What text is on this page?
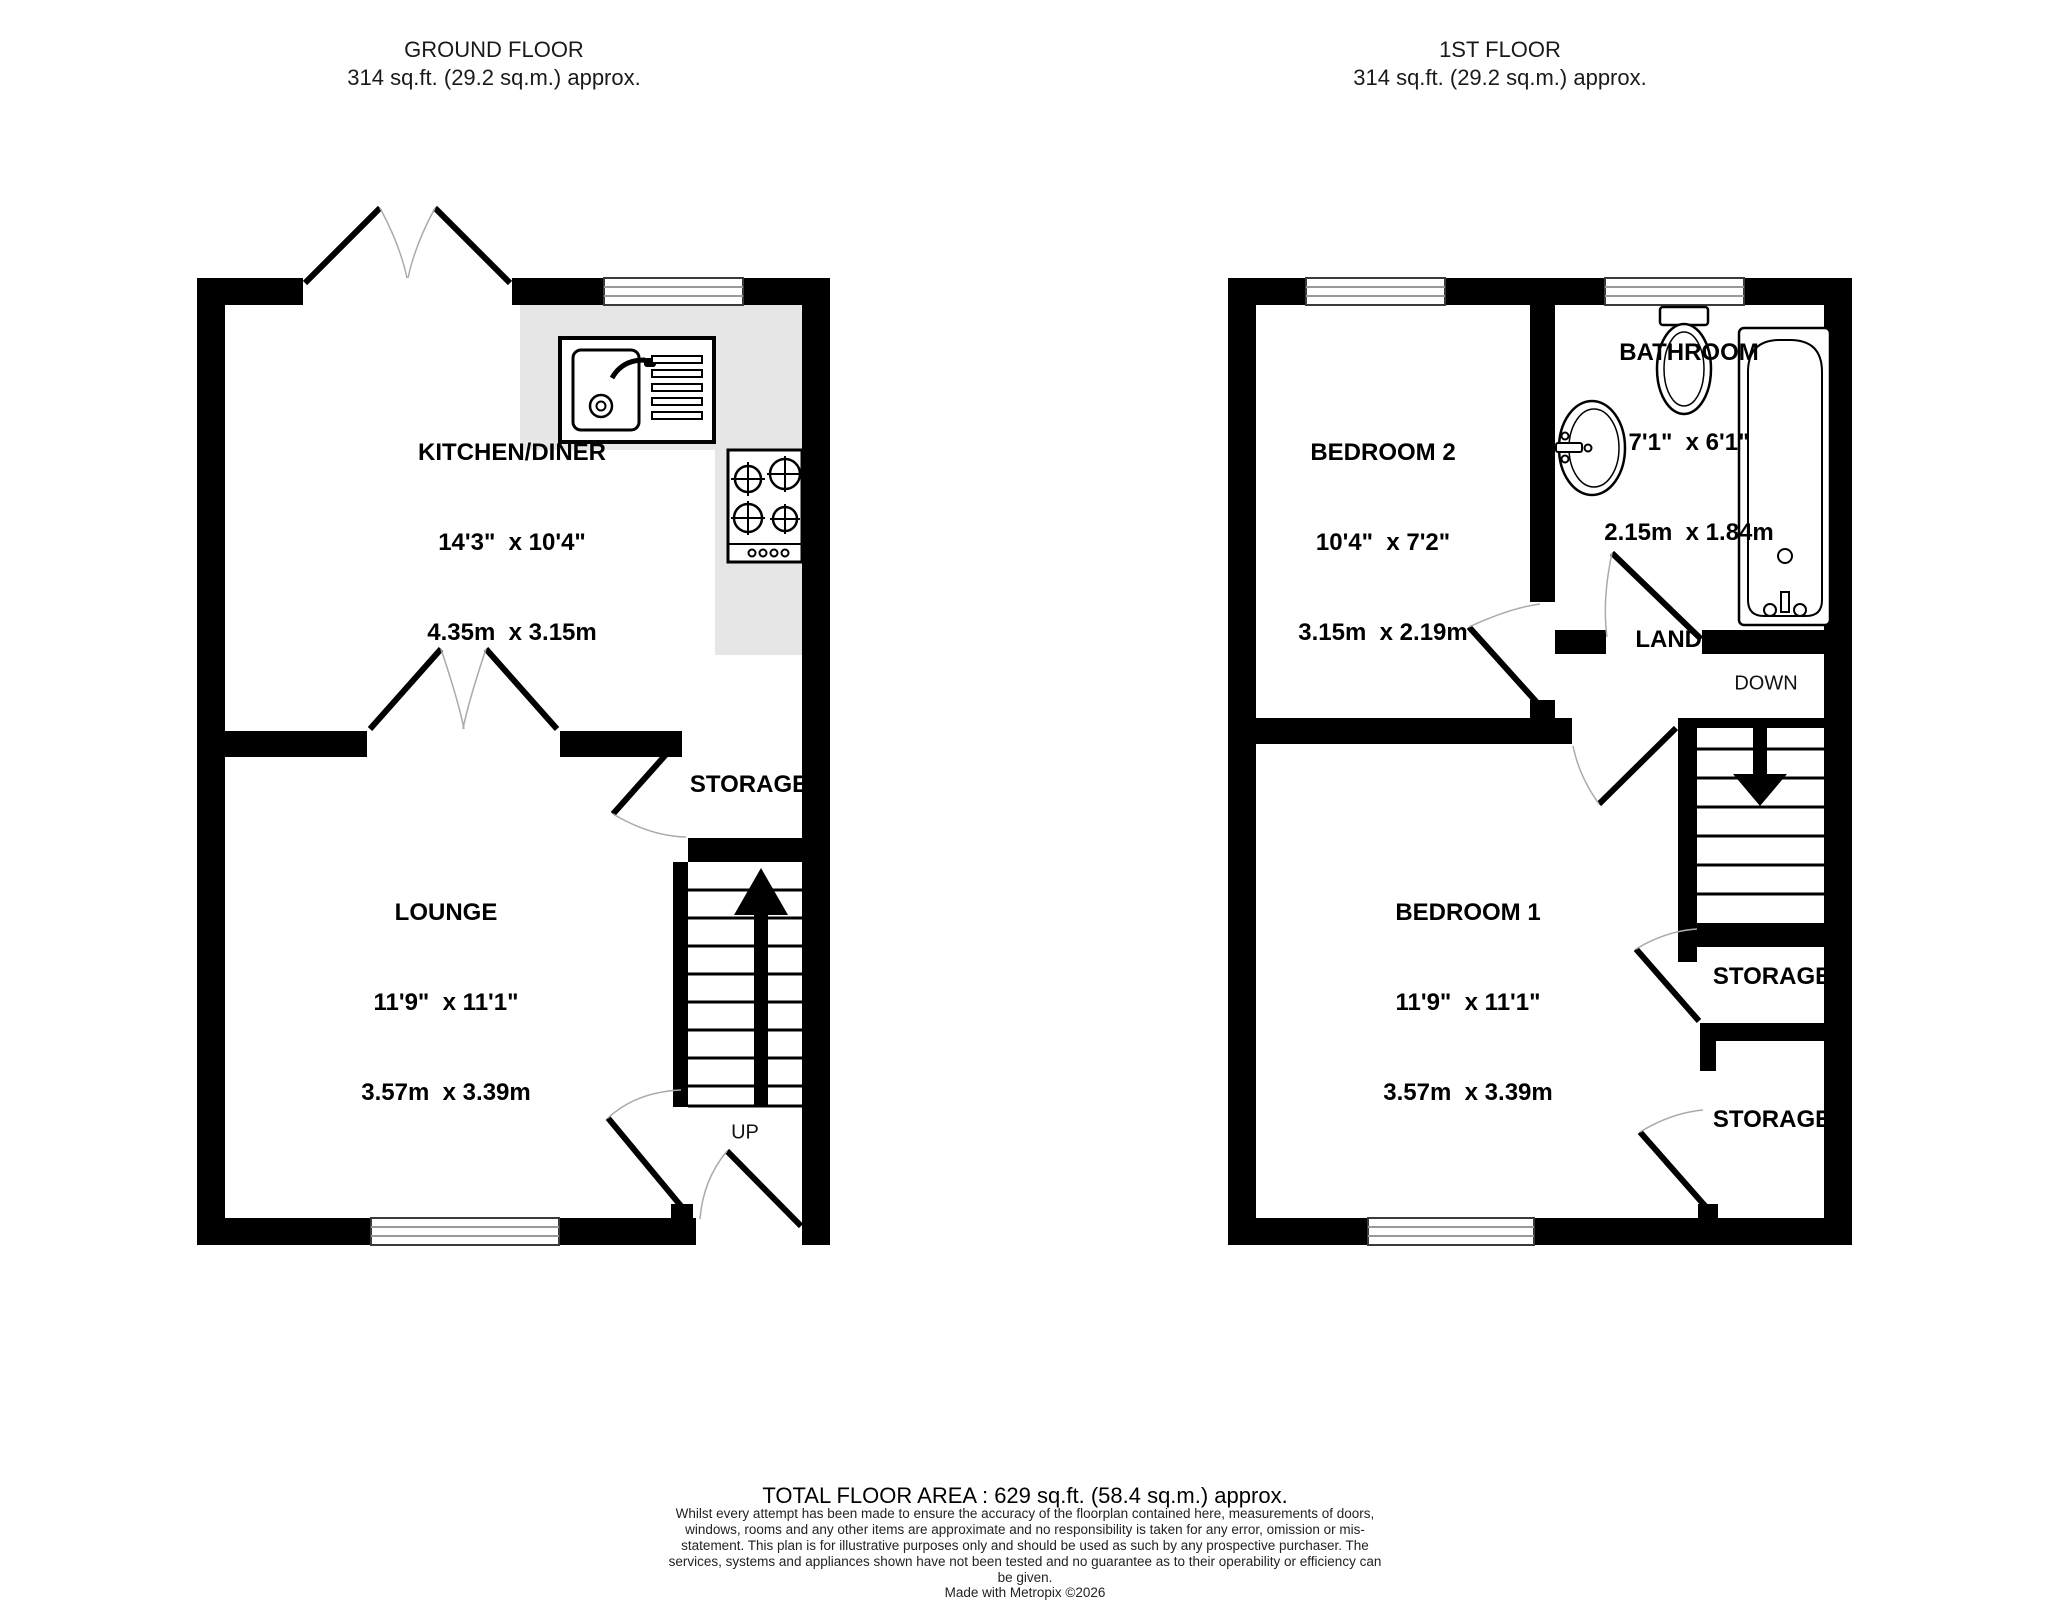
GROUND FLOOR
314 sq.ft. (29.2 sq.m.) approx.
1ST FLOOR
314 sq.ft. (29.2 sq.m.) approx.

KITCHEN/DINER

14'3"  x 10'4"

4.35m  x 3.15m

LOUNGE

11'9"  x 11'1"

3.57m  x 3.39m

STORAGE
UP

BEDROOM 2

10'4"  x 7'2"

3.15m  x 2.19m

BATHROOM

7'1"  x 6'1"

2.15m  x 1.84m

LANDING
DOWN

BEDROOM 1

11'9"  x 11'1"

3.57m  x 3.39m

STORAGE
STORAGE
TOTAL FLOOR AREA : 629 sq.ft. (58.4 sq.m.) approx.
Whilst every attempt has been made to ensure the accuracy of the floorplan contained here, measurements of doors, windows, rooms and any other items are approximate and no responsibility is taken for any error, omission or mis-statement. This plan is for illustrative purposes only and should be used as such by any prospective purchaser. The services, systems and appliances shown have not been tested and no guarantee as to their operability or efficiency can be given.
Made with Metropix ©2026
